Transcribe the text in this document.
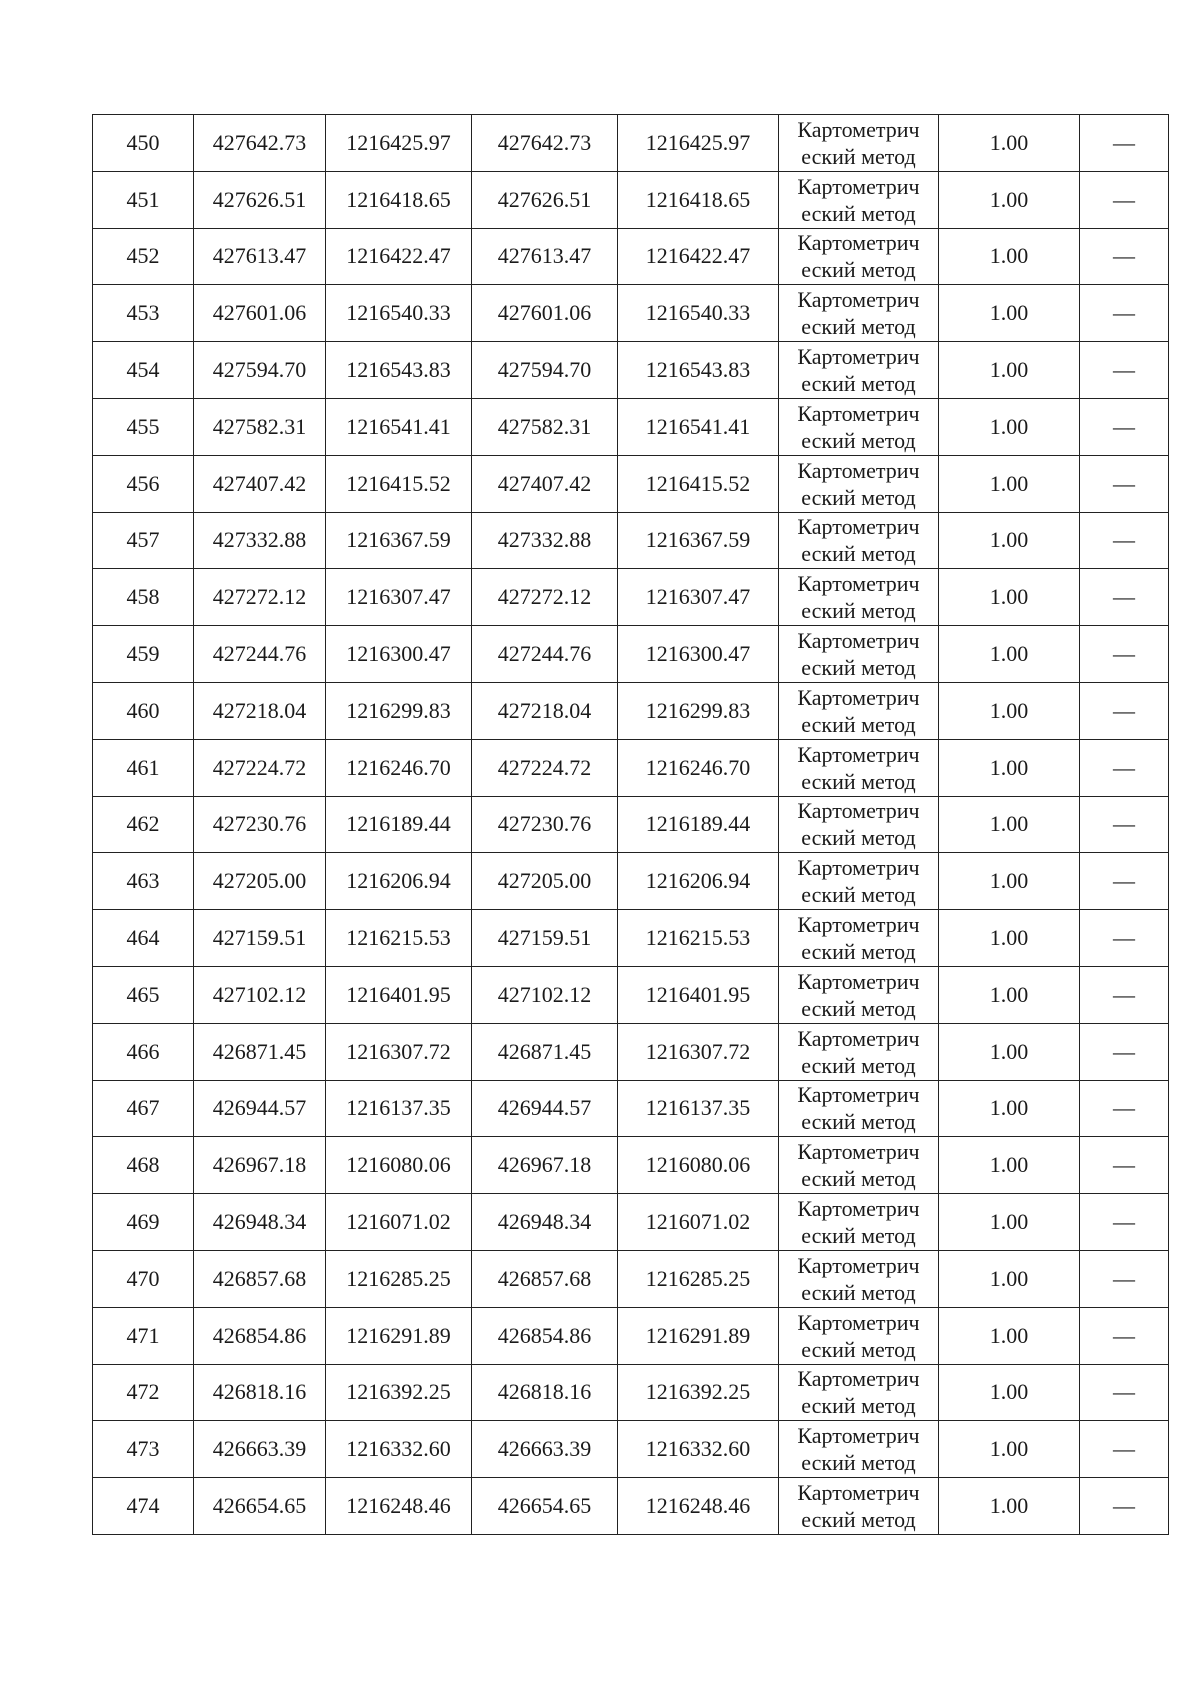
450	427642.73	1216425.97	427642.73	1216425.97	Картометрич
еский метод	1.00	—
451	427626.51	1216418.65	427626.51	1216418.65	Картометрич
еский метод	1.00	—
452	427613.47	1216422.47	427613.47	1216422.47	Картометрич
еский метод	1.00	—
453	427601.06	1216540.33	427601.06	1216540.33	Картометрич
еский метод	1.00	—
454	427594.70	1216543.83	427594.70	1216543.83	Картометрич
еский метод	1.00	—
455	427582.31	1216541.41	427582.31	1216541.41	Картометрич
еский метод	1.00	—
456	427407.42	1216415.52	427407.42	1216415.52	Картометрич
еский метод	1.00	—
457	427332.88	1216367.59	427332.88	1216367.59	Картометрич
еский метод	1.00	—
458	427272.12	1216307.47	427272.12	1216307.47	Картометрич
еский метод	1.00	—
459	427244.76	1216300.47	427244.76	1216300.47	Картометрич
еский метод	1.00	—
460	427218.04	1216299.83	427218.04	1216299.83	Картометрич
еский метод	1.00	—
461	427224.72	1216246.70	427224.72	1216246.70	Картометрич
еский метод	1.00	—
462	427230.76	1216189.44	427230.76	1216189.44	Картометрич
еский метод	1.00	—
463	427205.00	1216206.94	427205.00	1216206.94	Картометрич
еский метод	1.00	—
464	427159.51	1216215.53	427159.51	1216215.53	Картометрич
еский метод	1.00	—
465	427102.12	1216401.95	427102.12	1216401.95	Картометрич
еский метод	1.00	—
466	426871.45	1216307.72	426871.45	1216307.72	Картометрич
еский метод	1.00	—
467	426944.57	1216137.35	426944.57	1216137.35	Картометрич
еский метод	1.00	—
468	426967.18	1216080.06	426967.18	1216080.06	Картометрич
еский метод	1.00	—
469	426948.34	1216071.02	426948.34	1216071.02	Картометрич
еский метод	1.00	—
470	426857.68	1216285.25	426857.68	1216285.25	Картометрич
еский метод	1.00	—
471	426854.86	1216291.89	426854.86	1216291.89	Картометрич
еский метод	1.00	—
472	426818.16	1216392.25	426818.16	1216392.25	Картометрич
еский метод	1.00	—
473	426663.39	1216332.60	426663.39	1216332.60	Картометрич
еский метод	1.00	—
474	426654.65	1216248.46	426654.65	1216248.46	Картометрич
еский метод	1.00	—
